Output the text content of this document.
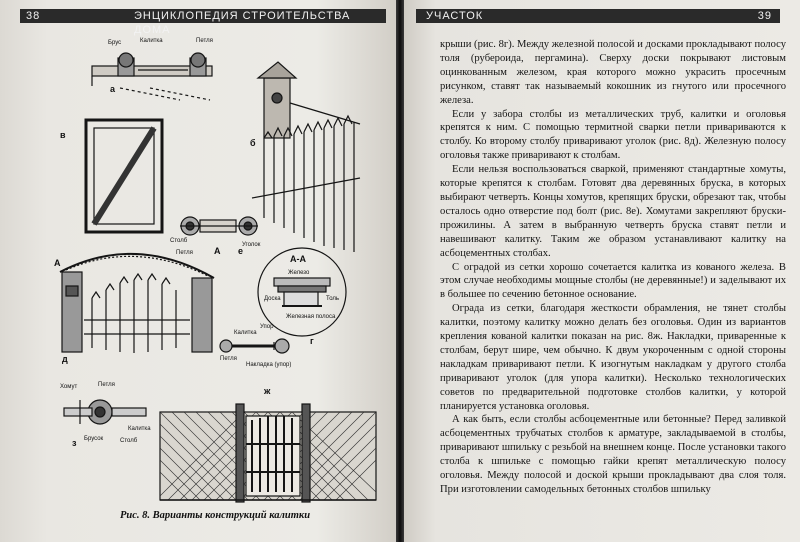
38	ЭНЦИКЛОПЕДИЯ СТРОИТЕЛЬСТВА ДОМА
а
б
в
г
д
е
ж
з
А
А	А-А
Брус	Калитка	Петля
Столб
Петля
Уголок
Железо
Доска	Толь
Железная полоса
Калитка
Упор
Петля
Накладка (упор)
Хомут	Петля
Калитка
Брусок	Столб
Рис. 8. Варианты конструкций калитки
УЧАСТОК	39

крыши (рис. 8г). Между железной полосой и досками прокладывают полосу толя (рубероида, пергамина). Сверху доски покрывают листовым оцинкованным железом, края которого можно украсить просечным рисунком, ставят так называемый кокошник из гнутого или просечного железа.

Если у забора столбы из металлических труб, калитки и оголовья крепятся к ним. С помощью термитной сварки петли привариваются к столбу. Ко второму столбу приваривают уголок (рис. 8д). Железную полосу оголовья также приваривают к столбам.

Если нельзя воспользоваться сваркой, применяют стандартные хомуты, которые крепятся к столбам. Готовят два деревянных бруска, в которых выбирают четверть. Концы хомутов, крепящих бруски, обрезают так, чтобы осталось одно отверстие под болт (рис. 8е). Хомутами закрепляют бруски-прожилины. А затем в выбранную четверть бруска ставят петли и навешивают калитку. Таким же образом устанавливают калитку на асбоцементных столбах.

С оградой из сетки хорошо сочетается калитка из кованого железа. В этом случае необходимы мощные столбы (не деревянные!) и заделывают их в большее по сечению бетонное основание.

Ограда из сетки, благодаря жесткости обрамления, не тянет столбы калитки, поэтому калитку можно делать без оголовья. Один из вариантов крепления кованой калитки показан на рис. 8ж. Накладки, приваренные к столбам, берут шире, чем обычно. К двум укороченным с одной стороны накладкам приваривают петли. К изогнутым накладкам у другого столба приваривают уголок (для упора калитки). Несколько технологических советов по предварительной подготовке столбов калитки, у которой планируется установка оголовья.

А как быть, если столбы асбоцементные или бетонные? Перед заливкой асбоцементных трубчатых столбов к арматуре, закладываемой в столбы, приваривают шпильку с резьбой на внешнем конце. После установки такого столба к шпильке с помощью гайки крепят металлическую полосу оголовья. Между полосой и доской крыши прокладывают два слоя толя. При изготовлении самодельных бетонных столбов шпильку
